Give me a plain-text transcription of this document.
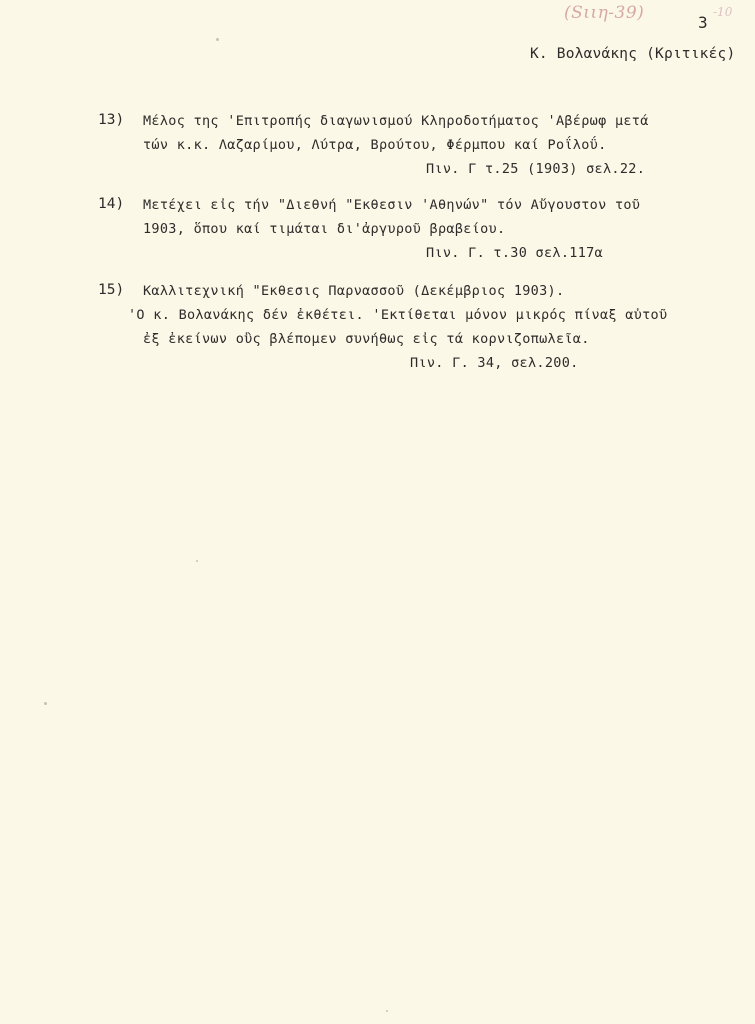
(Sιιη-39)	3
-10
Κ. Βολανάκης (Κριτικές)
13) Μέλος της 'Επιτροπής διαγωνισμού Κληροδοτήματος 'Αβέρωφ μετά
τών κ.κ. Λαζαρίμου, Λύτρα, Βρούτου, Φέρμπου καί Ροΐλοΰ.
Πιν. Γ τ.25 (1903) σελ.22.
14) Μετέχει εἰς τήν "Διεθνή "Εκθεσιν 'Αθηνών" τόν Αὔγουστον τοῦ
1903, ὅπου καί τιμάται δι'ἀργυροῦ βραβείου.
Πιν. Γ. τ.30 σελ.117α
15) Καλλιτεχνική "Εκθεσις Παρνασσοῦ (Δεκέμβριος 1903).
'Ο κ. Βολανάκης δέν ἐκθέτει. 'Εκτίθεται μόνον μικρός πίναξ αὐτοῦ
ἐξ ἐκείνων οὓς βλέπομεν συνήθως εἰς τά κορνιζοπωλεῖα.
Πιν. Γ. 34, σελ.200.
